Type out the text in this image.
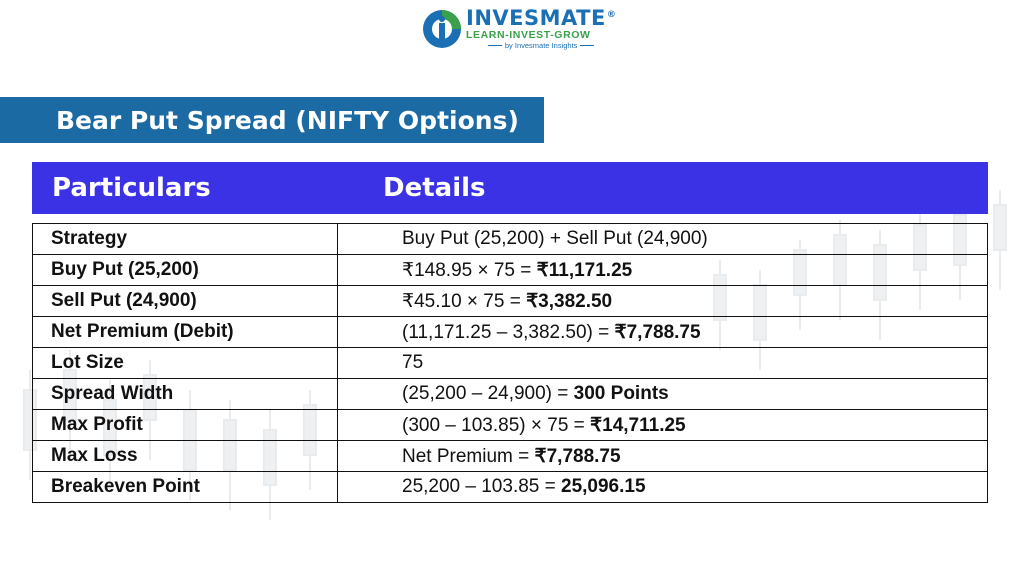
INVESMATE®
LEARN-INVEST-GROW
by Invesmate Insights
Bear Put Spread (NIFTY Options)
Particulars	Details
Strategy	Buy Put (25,200) + Sell Put (24,900)
Buy Put (25,200)	₹148.95 × 75 = ₹11,171.25
Sell Put (24,900)	₹45.10 × 75 = ₹3,382.50
Net Premium (Debit)	(11,171.25 – 3,382.50) = ₹7,788.75
Lot Size	75
Spread Width	(25,200 – 24,900) = 300 Points
Max Profit	(300 – 103.85) × 75 = ₹14,711.25
Max Loss	Net Premium = ₹7,788.75
Breakeven Point	25,200 – 103.85 = 25,096.15
